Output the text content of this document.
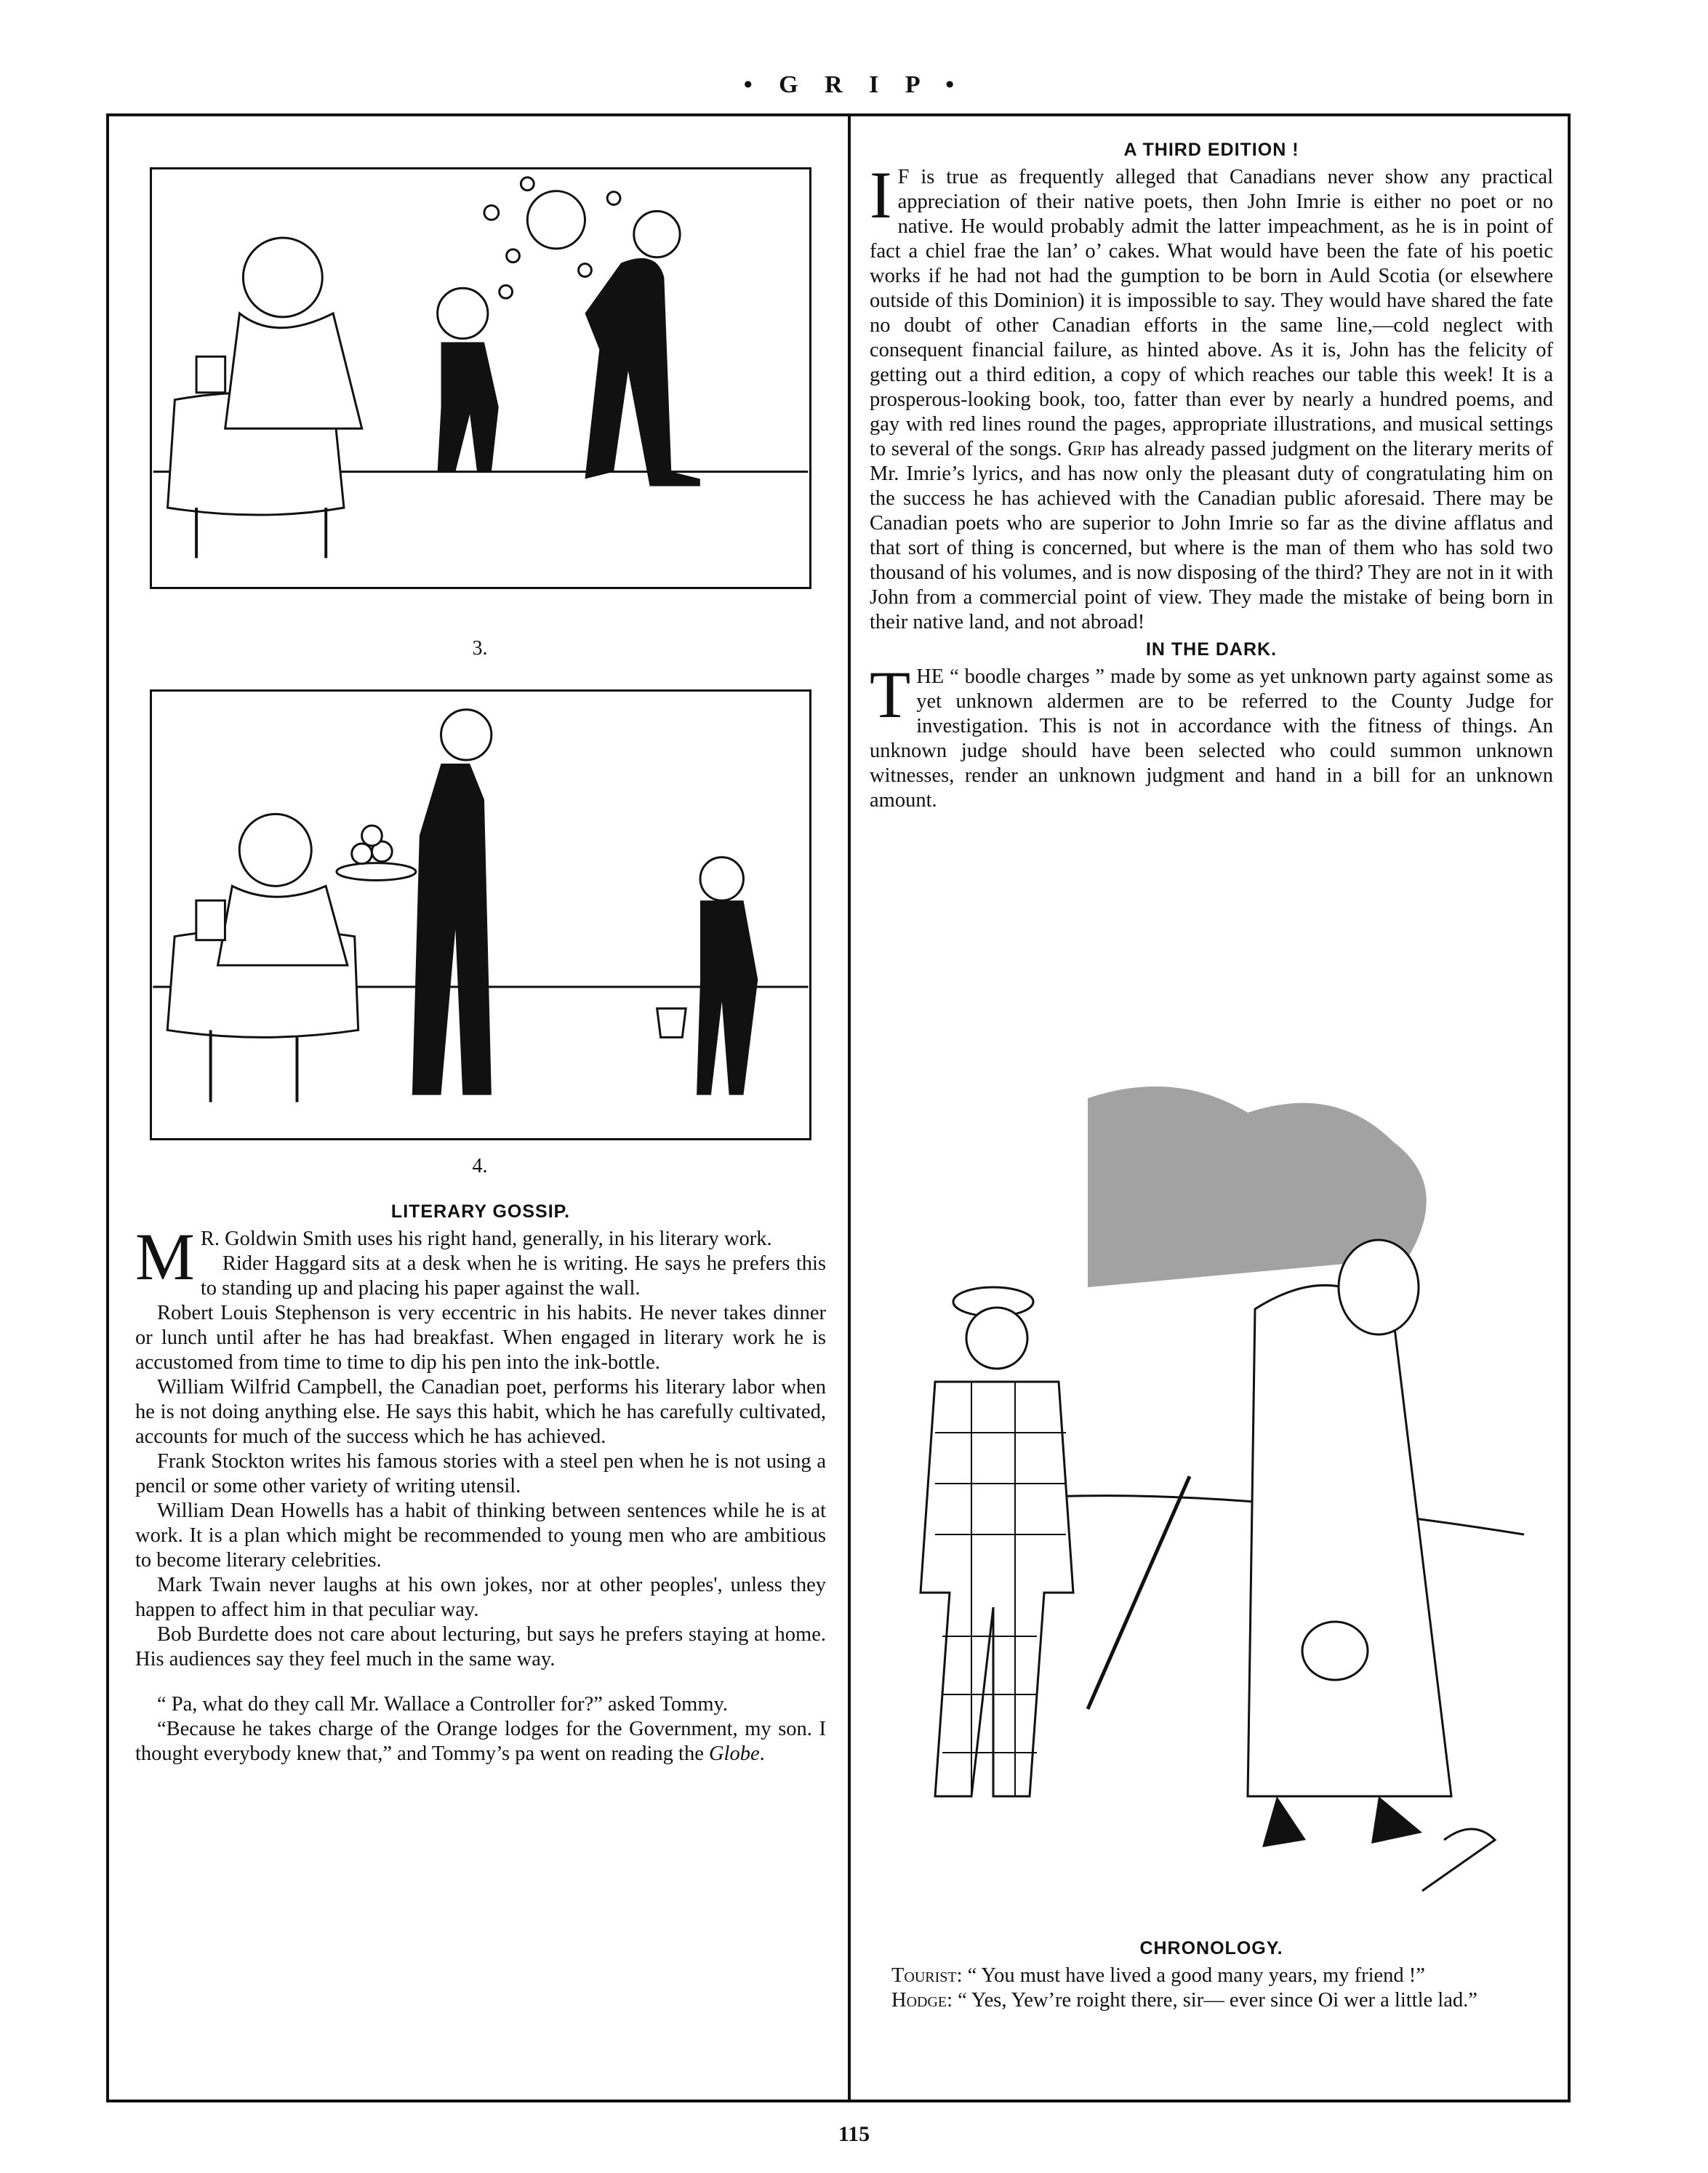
• G R I P •
3.
4.
LITERARY GOSSIP.

M R. Goldwin Smith uses his right hand, generally, in his literary work.

Rider Haggard sits at a desk when he is writing. He says he prefers this to standing up and placing his paper against the wall.

Robert Louis Stephenson is very eccentric in his habits. He never takes dinner or lunch until after he has had breakfast. When engaged in literary work he is accustomed from time to time to dip his pen into the ink-bottle.

William Wilfrid Campbell, the Canadian poet, performs his literary labor when he is not doing anything else. He says this habit, which he has carefully cultivated, accounts for much of the success which he has achieved.

Frank Stockton writes his famous stories with a steel pen when he is not using a pencil or some other variety of writing utensil.

William Dean Howells has a habit of thinking between sentences while he is at work. It is a plan which might be recommended to young men who are ambitious to become literary celebrities.

Mark Twain never laughs at his own jokes, nor at other peoples', unless they happen to affect him in that peculiar way.

Bob Burdette does not care about lecturing, but says he prefers staying at home. His audiences say they feel much in the same way.

“ Pa, what do they call Mr. Wallace a Controller for?” asked Tommy.

“Because he takes charge of the Orange lodges for the Government, my son. I thought everybody knew that,” and Tommy’s pa went on reading the Globe.

A THIRD EDITION !

I F is true as frequently alleged that Canadians never show any practical appreciation of their native poets, then John Imrie is either no poet or no native. He would probably admit the latter impeachment, as he is in point of fact a chiel frae the lan’ o’ cakes. What would have been the fate of his poetic works if he had not had the gumption to be born in Auld Scotia (or elsewhere outside of this Dominion) it is impossible to say. They would have shared the fate no doubt of other Canadian efforts in the same line,—cold neglect with consequent financial failure, as hinted above. As it is, John has the felicity of getting out a third edition, a copy of which reaches our table this week! It is a prosperous-looking book, too, fatter than ever by nearly a hundred poems, and gay with red lines round the pages, appropriate illustrations, and musical settings to several of the songs. Grip has already passed judgment on the literary merits of Mr. Imrie’s lyrics, and has now only the pleasant duty of congratulating him on the success he has achieved with the Canadian public aforesaid. There may be Canadian poets who are superior to John Imrie so far as the divine afflatus and that sort of thing is concerned, but where is the man of them who has sold two thousand of his volumes, and is now disposing of the third? They are not in it with John from a commercial point of view. They made the mistake of being born in their native land, and not abroad!

IN THE DARK.

THE “ boodle charges ” made by some as yet unknown party against some as yet unknown aldermen are to be referred to the County Judge for investigation. This is not in accordance with the fitness of things. An unknown judge should have been selected who could summon unknown witnesses, render an unknown judgment and hand in a bill for an unknown amount.

CHRONOLOGY.

Tourist: “ You must have lived a good many years, my friend !”

Hodge: “ Yes, Yew’re roight there, sir— ever since Oi wer a little lad.”

115
